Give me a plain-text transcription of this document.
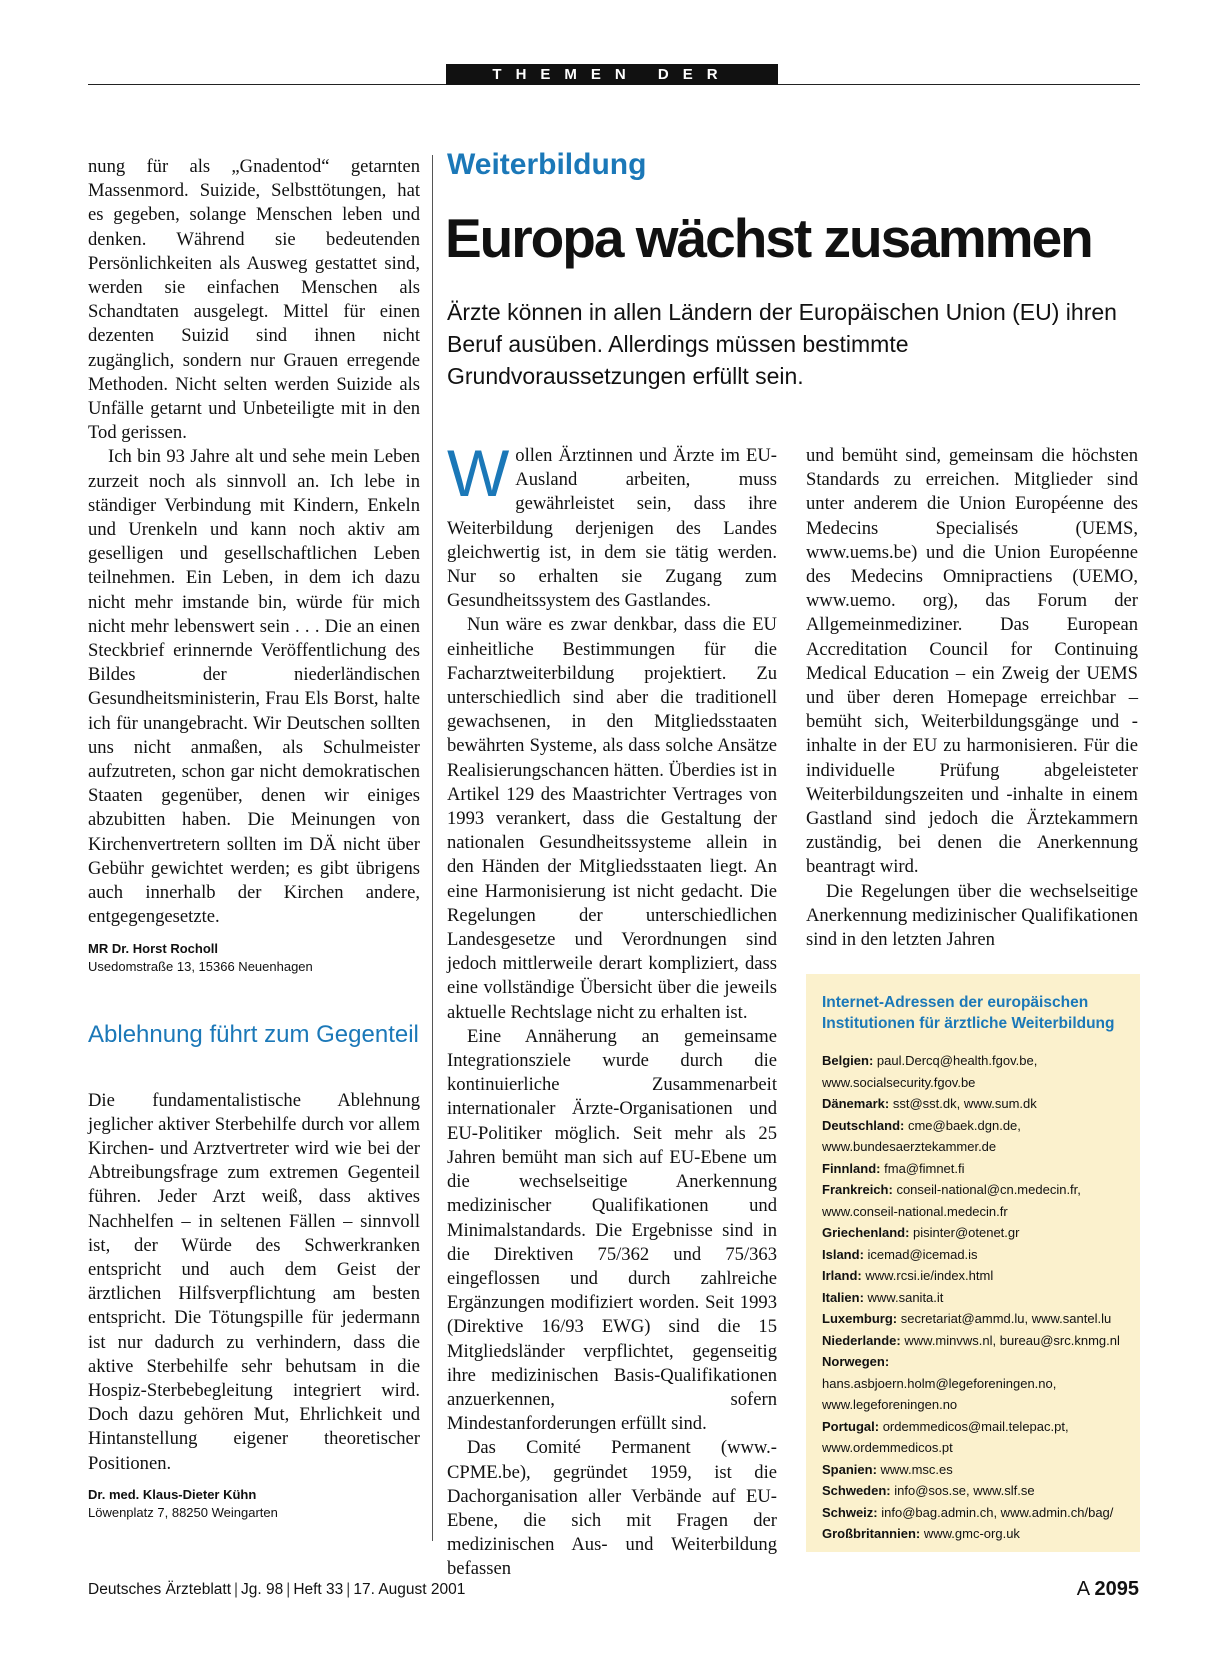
THEMEN DER ZEIT

nung für als „Gnadentod“ getarnten Massenmord. Suizide, Selbsttötungen, hat es gegeben, solange Menschen leben und denken. Während sie bedeutenden Persönlichkeiten als Ausweg gestattet sind, werden sie einfachen Menschen als Schandtaten ausgelegt. Mittel für einen dezenten Suizid sind ihnen nicht zugänglich, sondern nur Grauen erregende Methoden. Nicht selten werden Suizide als Unfälle getarnt und Unbeteiligte mit in den Tod gerissen.

Ich bin 93 Jahre alt und sehe mein Leben zurzeit noch als sinnvoll an. Ich lebe in ständiger Verbindung mit Kindern, Enkeln und Urenkeln und kann noch aktiv am geselligen und gesellschaftlichen Leben teilnehmen. Ein Leben, in dem ich dazu nicht mehr imstande bin, würde für mich nicht mehr lebenswert sein . . . Die an einen Steckbrief erinnernde Veröffentlichung des Bildes der niederländischen Gesundheitsministerin, Frau Els Borst, halte ich für unangebracht. Wir Deutschen sollten uns nicht anmaßen, als Schulmeister aufzutreten, schon gar nicht demokratischen Staaten gegenüber, denen wir einiges abzubitten haben. Die Meinungen von Kirchenvertretern sollten im DÄ nicht über Gebühr gewichtet werden; es gibt übrigens auch innerhalb der Kirchen andere, entgegengesetzte.

MR Dr. Horst Rocholl
Usedomstraße 13, 15366 Neuenhagen
Ablehnung führt zum Gegenteil

Die fundamentalistische Ablehnung jeglicher aktiver Sterbehilfe durch vor allem Kirchen- und Arztvertreter wird wie bei der Abtreibungsfrage zum extremen Gegenteil führen. Jeder Arzt weiß, dass aktives Nachhelfen – in seltenen Fällen – sinnvoll ist, der Würde des Schwerkranken entspricht und auch dem Geist der ärztlichen Hilfsverpflichtung am besten entspricht. Die Tötungspille für jedermann ist nur dadurch zu verhindern, dass die aktive Sterbehilfe sehr behutsam in die Hospiz-Sterbebegleitung integriert wird. Doch dazu gehören Mut, Ehrlichkeit und Hintanstellung eigener theoretischer Positionen.

Dr. med. Klaus-Dieter Kühn
Löwenplatz 7, 88250 Weingarten
Weiterbildung
Europa wächst zusammen
Ärzte können in allen Ländern der Europäischen Union (EU) ihren Beruf ausüben. Allerdings müssen bestimmte Grundvoraussetzungen erfüllt sein.

Wollen Ärztinnen und Ärzte im EU-Ausland arbeiten, muss gewährleistet sein, dass ihre Weiterbildung derjenigen des Landes gleichwertig ist, in dem sie tätig werden. Nur so erhalten sie Zugang zum Gesundheitssystem des Gastlandes.

Nun wäre es zwar denkbar, dass die EU einheitliche Bestimmungen für die Facharztweiterbildung projektiert. Zu unterschiedlich sind aber die traditionell gewachsenen, in den Mitgliedsstaaten bewährten Systeme, als dass solche Ansätze Realisierungschancen hätten. Überdies ist in Artikel 129 des Maastrichter Vertrages von 1993 verankert, dass die Gestaltung der nationalen Gesundheitssysteme allein in den Händen der Mitgliedsstaaten liegt. An eine Harmonisierung ist nicht gedacht. Die Regelungen der unterschiedlichen Landesgesetze und Verordnungen sind jedoch mittlerweile derart kompliziert, dass eine vollständige Übersicht über die jeweils aktuelle Rechtslage nicht zu erhalten ist.

Eine Annäherung an gemeinsame Integrationsziele wurde durch die kontinuierliche Zusammenarbeit internationaler Ärzte-Organisationen und EU-Politiker möglich. Seit mehr als 25 Jahren bemüht man sich auf EU-Ebene um die wechselseitige Anerkennung medizinischer Qualifikationen und Minimalstandards. Die Ergebnisse sind in die Direktiven 75/362 und 75/363 eingeflossen und durch zahlreiche Ergänzungen modifiziert worden. Seit 1993 (Direktive 16/93 EWG) sind die 15 Mitgliedsländer verpflichtet, gegenseitig ihre medizinischen Basis-Qualifikationen anzuerkennen, sofern Mindestanforderungen erfüllt sind.

Das Comité Permanent (www.-CPME.be), gegründet 1959, ist die Dachorganisation aller Verbände auf EU-Ebene, die sich mit Fragen der medizinischen Aus- und Weiterbildung befassen

und bemüht sind, gemeinsam die höchsten Standards zu erreichen. Mitglieder sind unter anderem die Union Européenne des Medecins Specialisés (UEMS, www.uems.be) und die Union Européenne des Medecins Omnipractiens (UEMO, www.uemo. org), das Forum der Allgemeinmediziner. Das European Accreditation Council for Continuing Medical Education – ein Zweig der UEMS und über deren Homepage erreichbar – bemüht sich, Weiterbildungsgänge und -inhalte in der EU zu harmonisieren. Für die individuelle Prüfung abgeleisteter Weiterbildungszeiten und -inhalte in einem Gastland sind jedoch die Ärztekammern zuständig, bei denen die Anerkennung beantragt wird.

Die Regelungen über die wechselseitige Anerkennung medizinischer Qualifikationen sind in den letzten Jahren

Internet-Adressen der europäischen Institutionen für ärztliche Weiterbildung
Belgien: paul.Dercq@health.fgov.be, www.socialsecurity.fgov.be
Dänemark: sst@sst.dk, www.sum.dk
Deutschland: cme@baek.dgn.de, www.bundesaerztekammer.de
Finnland: fma@fimnet.fi
Frankreich: conseil-national@cn.medecin.fr, www.conseil-national.medecin.fr
Griechenland: pisinter@otenet.gr
Island: icemad@icemad.is
Irland: www.rcsi.ie/index.html
Italien: www.sanita.it
Luxemburg: secretariat@ammd.lu, www.santel.lu
Niederlande: www.minvws.nl, bureau@src.knmg.nl
Norwegen: hans.asbjoern.holm@legeforeningen.no, www.legeforeningen.no
Portugal: ordemmedicos@mail.telepac.pt, www.ordemmedicos.pt
Spanien: www.msc.es
Schweden: info@sos.se, www.slf.se
Schweiz: info@bag.admin.ch, www.admin.ch/bag/
Großbritannien: www.gmc-org.uk
Deutsches Ärzteblatt | Jg. 98 | Heft 33 | 17. August 2001	A 2095
